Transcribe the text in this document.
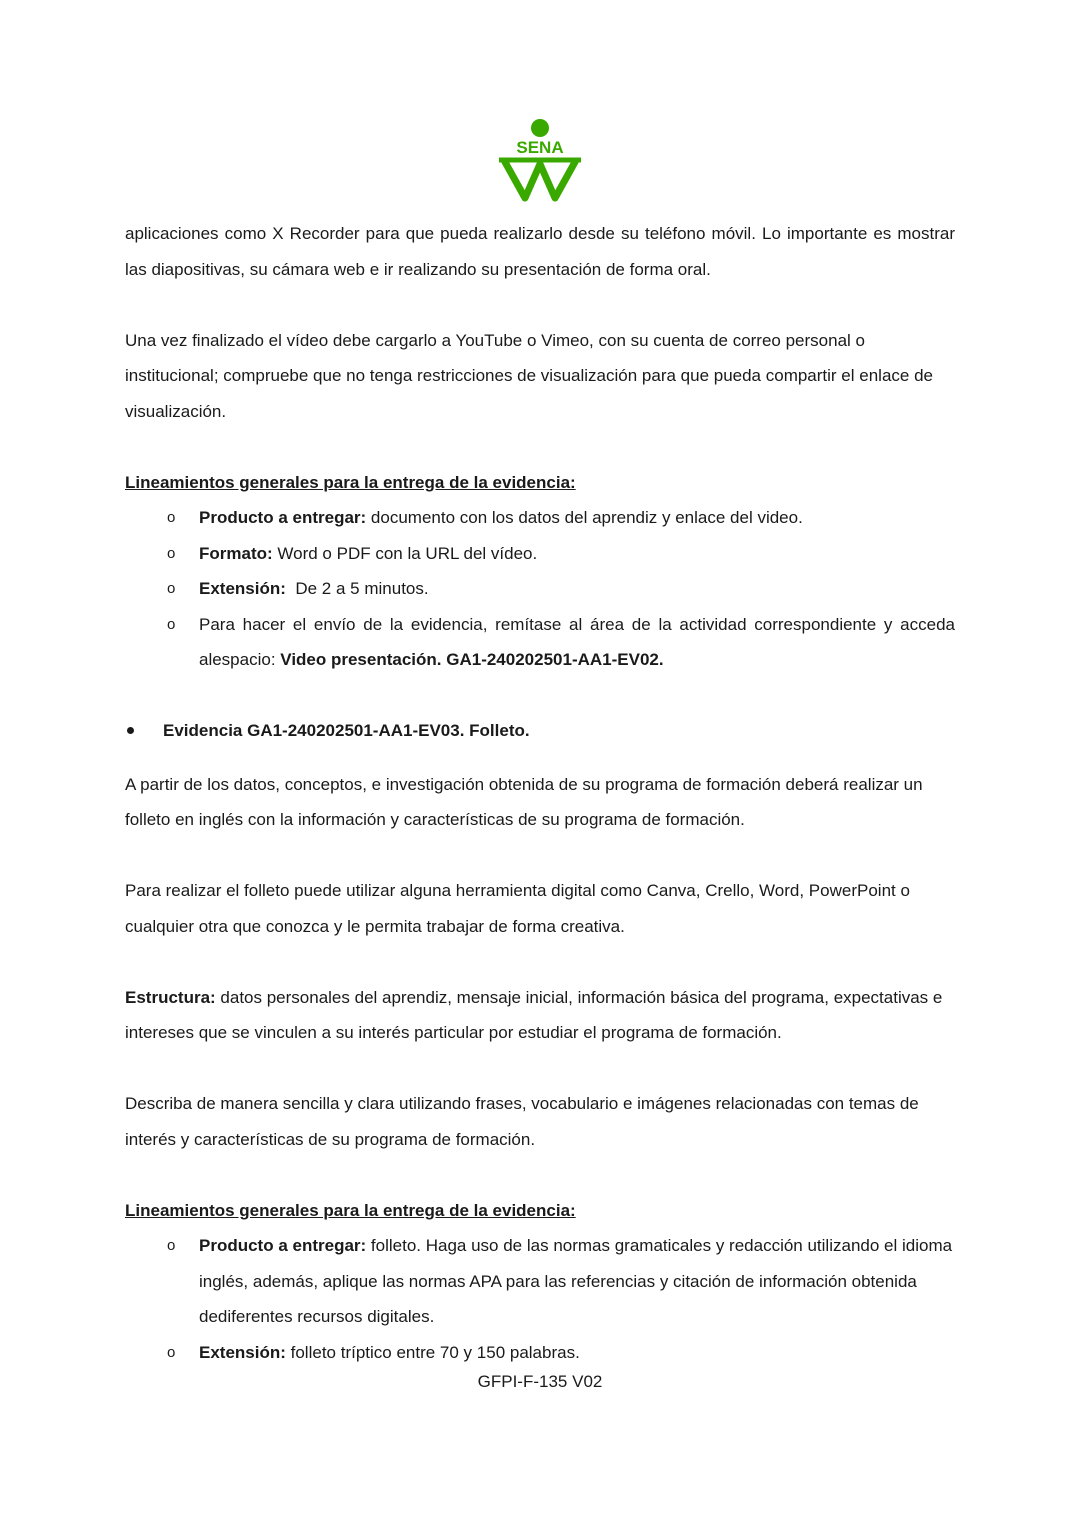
SENA

aplicaciones como X Recorder para que pueda realizarlo desde su teléfono móvil. Lo importante es mostrar las diapositivas, su cámara web e ir realizando su presentación de forma oral.

Una vez finalizado el vídeo debe cargarlo a YouTube o Vimeo, con su cuenta de correo personal o institucional; compruebe que no tenga restricciones de visualización para que pueda compartir el enlace de visualización.

Lineamientos generales para la entrega de la evidencia:

o Producto a entregar: documento con los datos del aprendiz y enlace del video.
o Formato: Word o PDF con la URL del vídeo.
o Extensión:  De 2 a 5 minutos.
o Para hacer el envío de la evidencia, remítase al área de la actividad correspondiente y acceda alespacio: Video presentación. GA1-240202501-AA1-EV02.

Evidencia GA1-240202501-AA1-EV03. Folleto.

A partir de los datos, conceptos, e investigación obtenida de su programa de formación deberá realizar un folleto en inglés con la información y características de su programa de formación.

Para realizar el folleto puede utilizar alguna herramienta digital como Canva, Crello, Word, PowerPoint o cualquier otra que conozca y le permita trabajar de forma creativa.

Estructura: datos personales del aprendiz, mensaje inicial, información básica del programa, expectativas e intereses que se vinculen a su interés particular por estudiar el programa de formación.

Describa de manera sencilla y clara utilizando frases, vocabulario e imágenes relacionadas con temas de interés y características de su programa de formación.

Lineamientos generales para la entrega de la evidencia:

o Producto a entregar: folleto. Haga uso de las normas gramaticales y redacción utilizando el idioma inglés, además, aplique las normas APA para las referencias y citación de información obtenida dediferentes recursos digitales.
o Extensión: folleto tríptico entre 70 y 150 palabras.
GFPI-F-135 V02
